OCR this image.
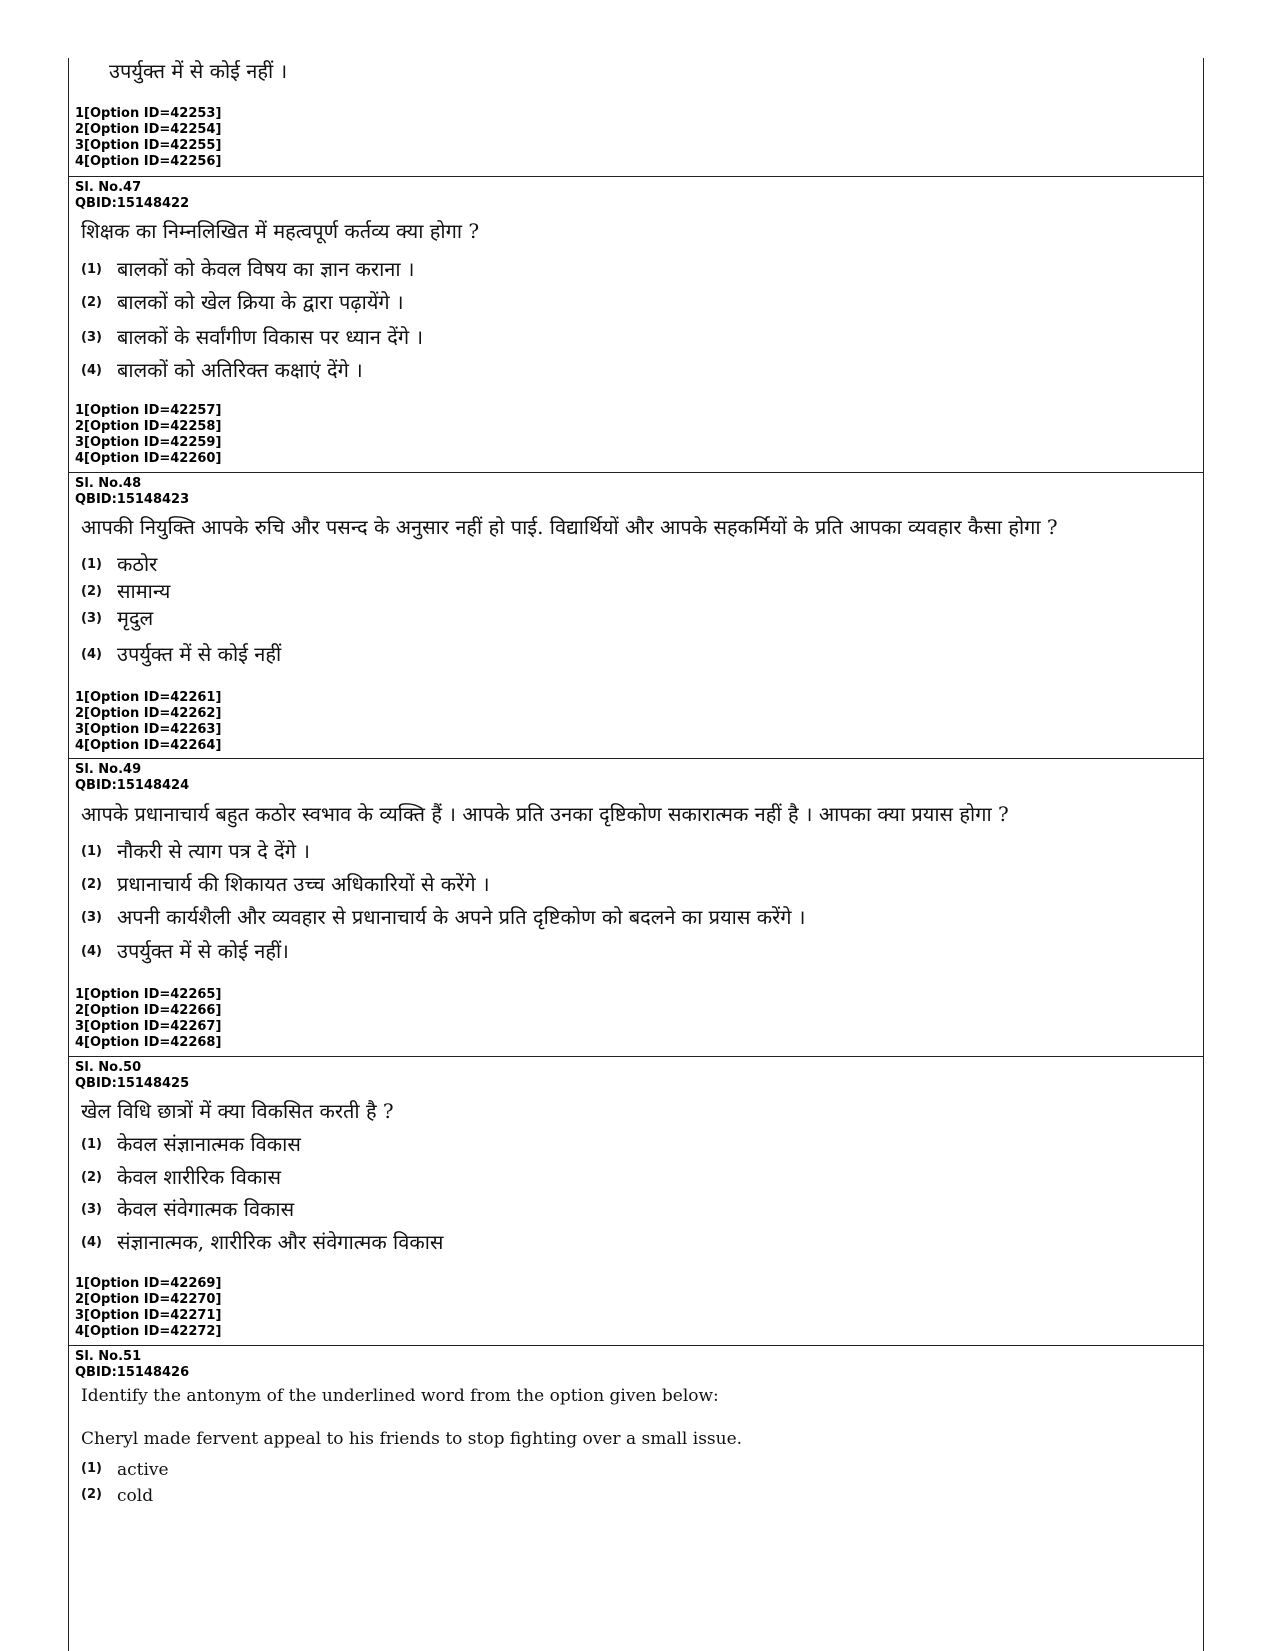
उपर्युक्त में से कोई नहीं ।
1[Option ID=42253]
2[Option ID=42254]
3[Option ID=42255]
4[Option ID=42256]
Sl. No.47
QBID:15148422
शिक्षक का निम्नलिखित में महत्वपूर्ण कर्तव्य क्या होगा ?
(1) बालकों को केवल विषय का ज्ञान कराना ।
(2) बालकों को खेल क्रिया के द्वारा पढ़ायेंगे ।
(3) बालकों के सर्वांगीण विकास पर ध्यान देंगे ।
(4) बालकों को अतिरिक्त कक्षाएं देंगे ।
1[Option ID=42257]
2[Option ID=42258]
3[Option ID=42259]
4[Option ID=42260]
Sl. No.48
QBID:15148423
आपकी नियुक्ति आपके रुचि और पसन्द के अनुसार नहीं हो पाई. विद्यार्थियों और आपके सहकर्मियों के प्रति आपका व्यवहार कैसा होगा ?
(1) कठोर
(2) सामान्य
(3) मृदुल
(4) उपर्युक्त में से कोई नहीं
1[Option ID=42261]
2[Option ID=42262]
3[Option ID=42263]
4[Option ID=42264]
Sl. No.49
QBID:15148424
आपके प्रधानाचार्य बहुत कठोर स्वभाव के व्यक्ति हैं । आपके प्रति उनका दृष्टिकोण सकारात्मक नहीं है । आपका क्या प्रयास होगा ?
(1) नौकरी से त्याग पत्र दे देंगे ।
(2) प्रधानाचार्य की शिकायत उच्च अधिकारियों से करेंगे ।
(3) अपनी कार्यशैली और व्यवहार से प्रधानाचार्य के अपने प्रति दृष्टिकोण को बदलने का प्रयास करेंगे ।
(4) उपर्युक्त में से कोई नहीं।
1[Option ID=42265]
2[Option ID=42266]
3[Option ID=42267]
4[Option ID=42268]
Sl. No.50
QBID:15148425
खेल विधि छात्रों में क्या विकसित करती है ?
(1) केवल संज्ञानात्मक विकास
(2) केवल शारीरिक विकास
(3) केवल संवेगात्मक विकास
(4) संज्ञानात्मक, शारीरिक और संवेगात्मक विकास
1[Option ID=42269]
2[Option ID=42270]
3[Option ID=42271]
4[Option ID=42272]
Sl. No.51
QBID:15148426
Identify the antonym of the underlined word from the option given below:
Cheryl made fervent appeal to his friends to stop fighting over a small issue.
(1) active
(2) cold
